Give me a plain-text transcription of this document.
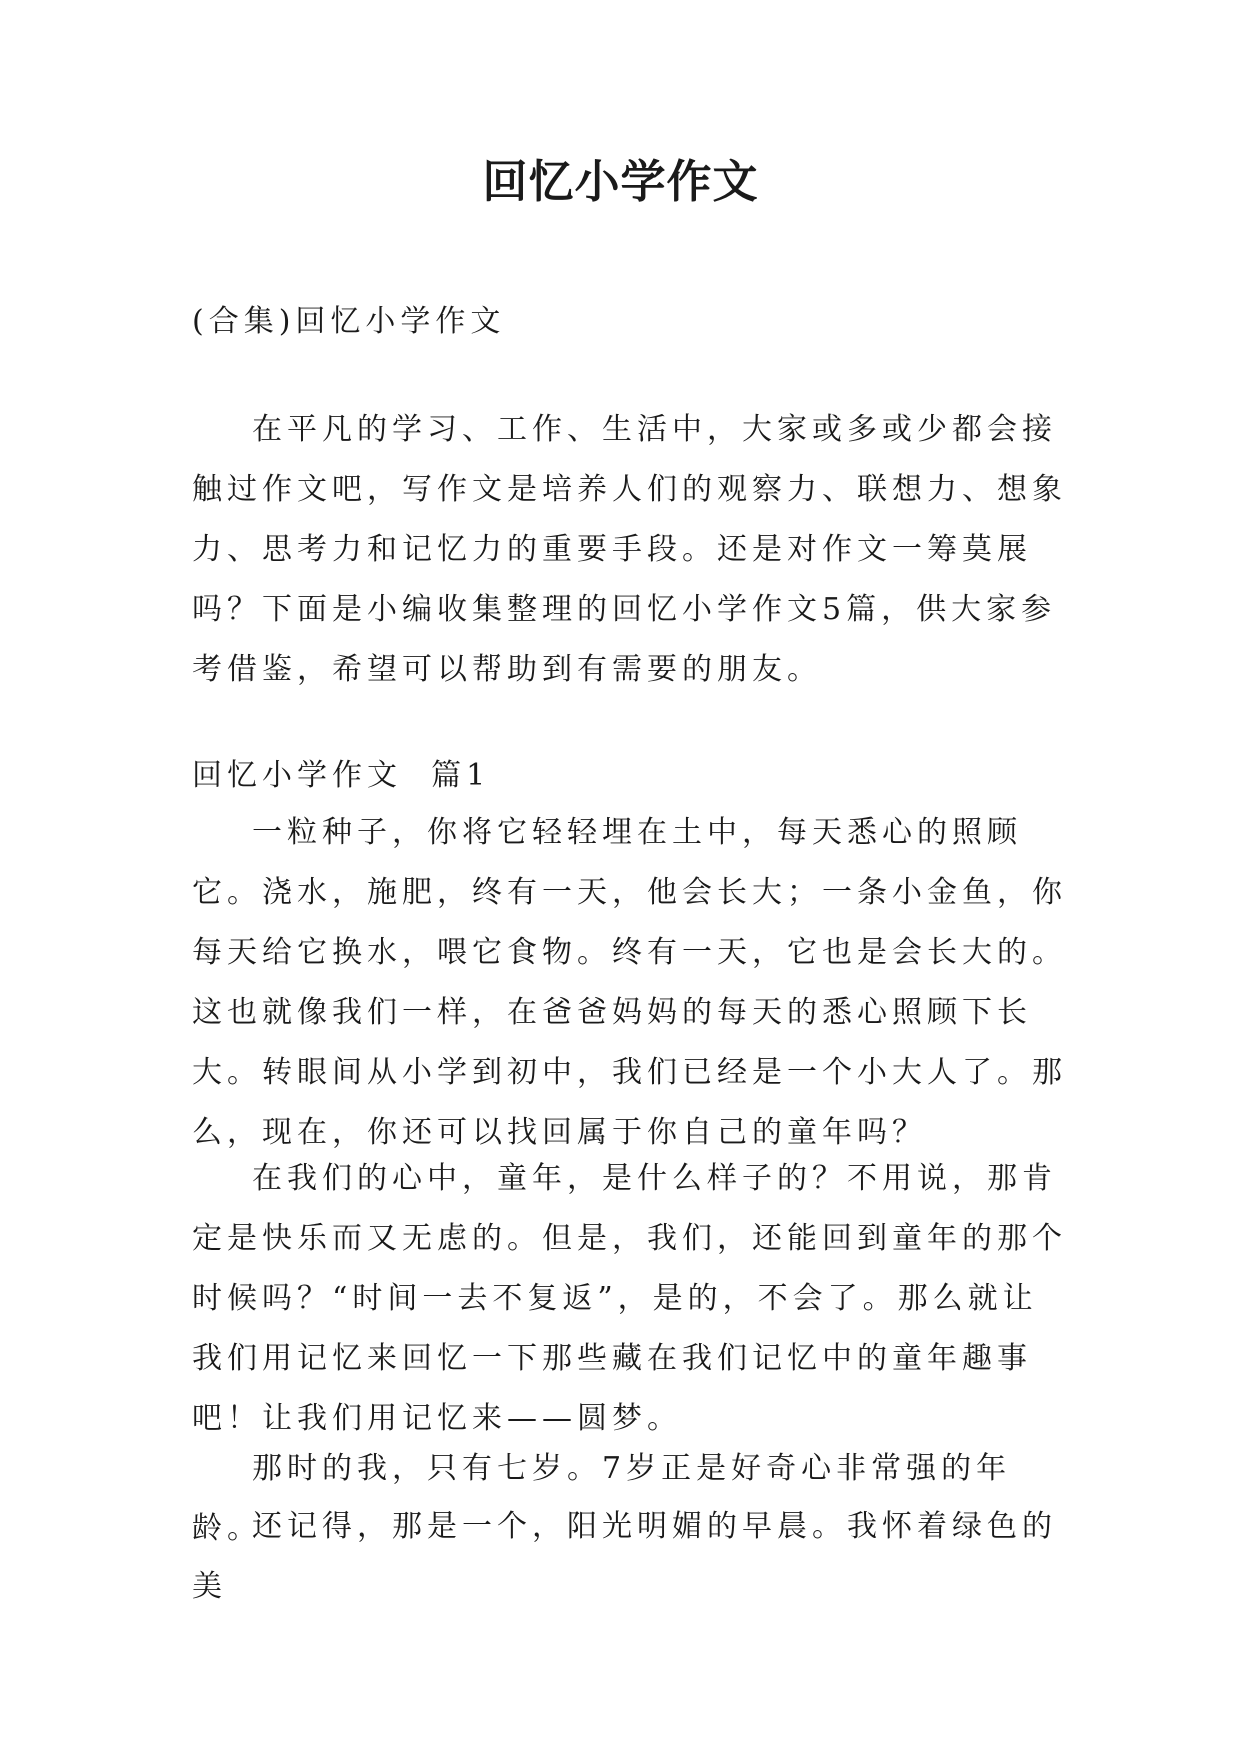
回忆小学作文
(合集)回忆小学作文
在平凡的学习、工作、生活中，大家或多或少都会接触过作文吧，写作文是培养人们的观察力、联想力、想象力、思考力和记忆力的重要手段。还是对作文一筹莫展吗？下面是小编收集整理的回忆小学作文5篇，供大家参考借鉴，希望可以帮助到有需要的朋友。
回忆小学作文  篇1
一粒种子，你将它轻轻埋在土中，每天悉心的照顾它。浇水，施肥，终有一天，他会长大；一条小金鱼，你每天给它换水，喂它食物。终有一天，它也是会长大的。这也就像我们一样，在爸爸妈妈的每天的悉心照顾下长大。转眼间从小学到初中，我们已经是一个小大人了。那么，现在，你还可以找回属于你自己的童年吗？
在我们的心中，童年，是什么样子的？不用说，那肯定是快乐而又无虑的。但是，我们，还能回到童年的那个时候吗？“时间一去不复返”，是的，不会了。那么就让我们用记忆来回忆一下那些藏在我们记忆中的童年趣事吧！让我们用记忆来——圆梦。
那时的我，只有七岁。7岁正是好奇心非常强的年龄。
还记得，那是一个，阳光明媚的早晨。我怀着绿色的美
